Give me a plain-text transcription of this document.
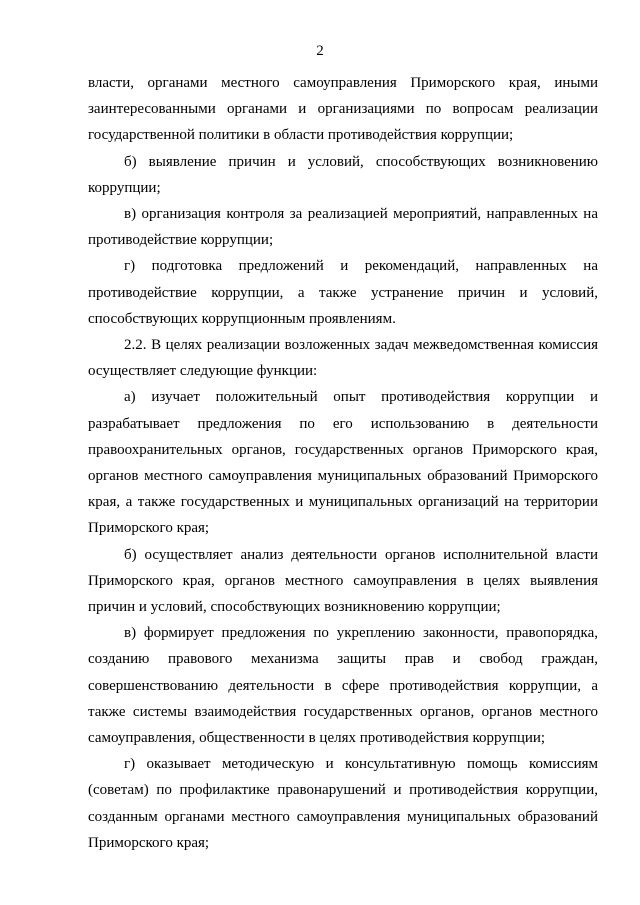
2

власти, органами местного самоуправления Приморского края, иными заинтересованными органами и организациями по вопросам реализации государственной политики в области противодействия коррупции;

б) выявление причин и условий, способствующих возникновению коррупции;

в) организация контроля за реализацией мероприятий, направленных на противодействие коррупции;

г) подготовка предложений и рекомендаций, направленных на противодействие коррупции, а также устранение причин и условий, способствующих коррупционным проявлениям.

2.2. В целях реализации возложенных задач межведомственная комиссия осуществляет следующие функции:

а) изучает положительный опыт противодействия коррупции и разрабатывает предложения по его использованию в деятельности правоохранительных органов, государственных органов Приморского края, органов местного самоуправления муниципальных образований Приморского края, а также государственных и муниципальных организаций на территории Приморского края;

б) осуществляет анализ деятельности органов исполнительной власти Приморского края, органов местного самоуправления в целях выявления причин и условий, способствующих возникновению коррупции;

в) формирует предложения по укреплению законности, правопорядка, созданию правового механизма защиты прав и свобод граждан, совершенствованию деятельности в сфере противодействия коррупции, а также системы взаимодействия государственных органов, органов местного самоуправления, общественности в целях противодействия коррупции;

г) оказывает методическую и консультативную помощь комиссиям (советам) по профилактике правонарушений и противодействия коррупции, созданным органами местного самоуправления муниципальных образований Приморского края;
